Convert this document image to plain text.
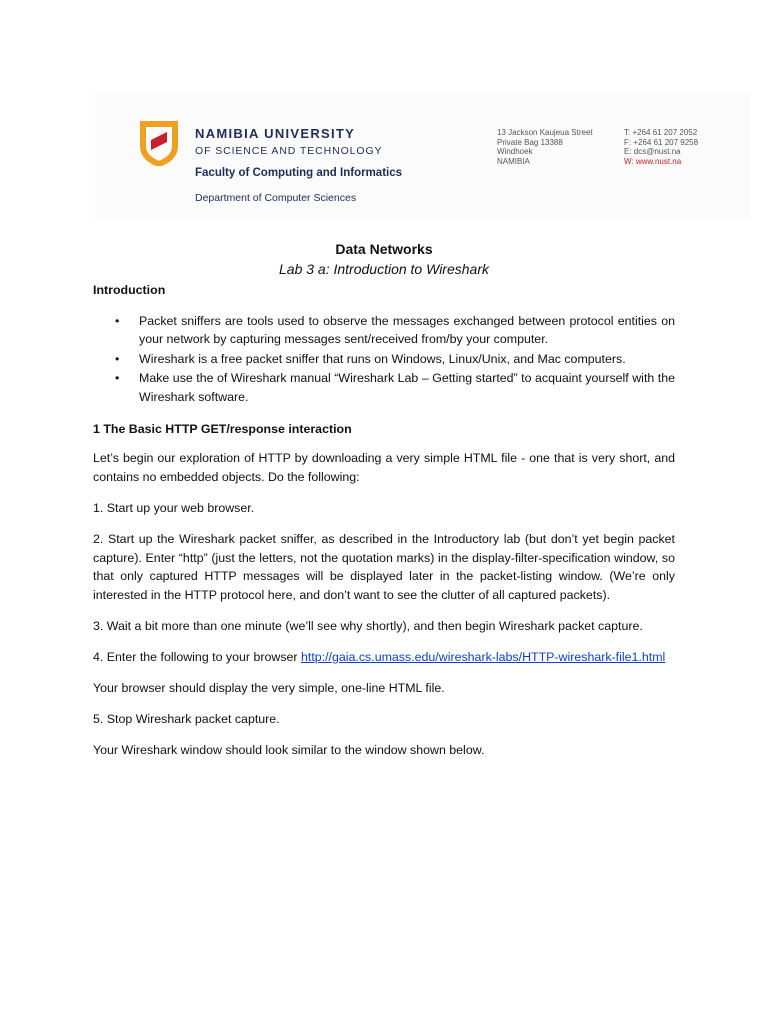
NAMIBIA UNIVERSITY
OF SCIENCE AND TECHNOLOGY
Faculty of Computing and Informatics
Department of Computer Sciences
13 Jackson Kaujeua Street
Private Bag 13388
Windhoek
NAMIBIA
T: +264 61 207 2052
F: +264 61 207 9258
E: dcs@nust.na
W: www.nust.na
Data Networks
Lab 3 a: Introduction to Wireshark
Introduction
• Packet sniffers are tools used to observe the messages exchanged between protocol entities on your network by capturing messages sent/received from/by your computer.
• Wireshark is a free packet sniffer that runs on Windows, Linux/Unix, and Mac computers.
• Make use the of Wireshark manual “Wireshark Lab – Getting started” to acquaint yourself with the Wireshark software.
1 The Basic HTTP GET/response interaction

Let’s begin our exploration of HTTP by downloading a very simple HTML file - one that is very short, and contains no embedded objects. Do the following:

1. Start up your web browser.

2. Start up the Wireshark packet sniffer, as described in the Introductory lab (but don’t yet begin packet capture). Enter “http” (just the letters, not the quotation marks) in the display-filter-specification window, so that only captured HTTP messages will be displayed later in the packet-listing window. (We’re only interested in the HTTP protocol here, and don’t want to see the clutter of all captured packets).

3. Wait a bit more than one minute (we’ll see why shortly), and then begin Wireshark packet capture.

4. Enter the following to your browser http://gaia.cs.umass.edu/wireshark-labs/HTTP-wireshark-file1.html

Your browser should display the very simple, one-line HTML file.

5. Stop Wireshark packet capture.

Your Wireshark window should look similar to the window shown below.
